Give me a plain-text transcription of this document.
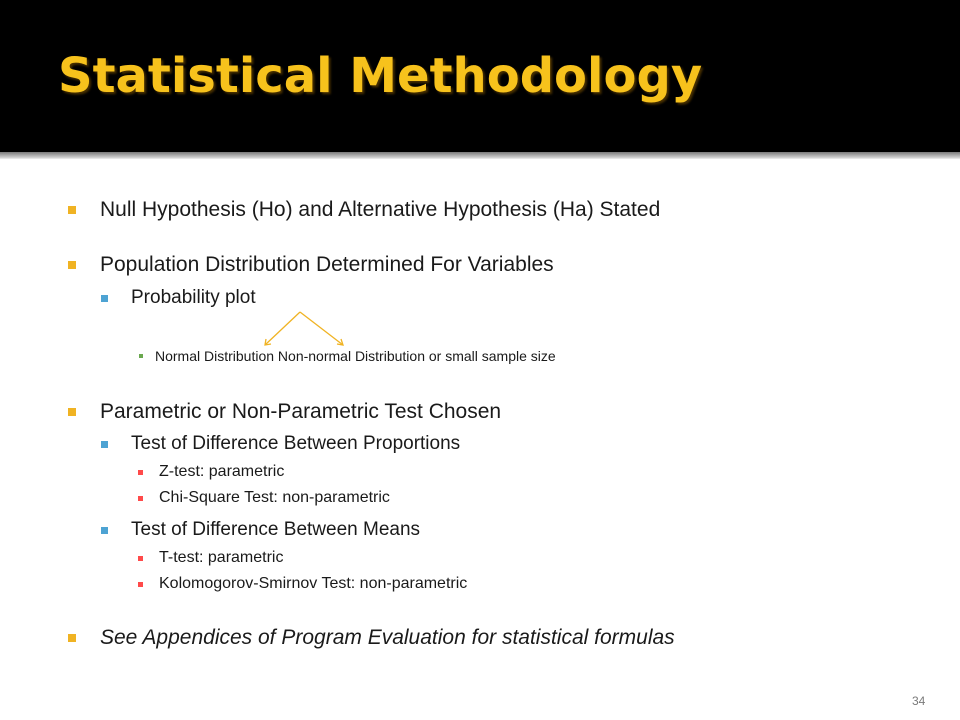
Statistical Methodology
Null Hypothesis (Ho) and Alternative Hypothesis (Ha) Stated
Population Distribution Determined For Variables
Probability plot
Normal Distribution Non-normal Distribution or small sample size
Parametric or Non-Parametric Test Chosen
Test of Difference Between Proportions
Z-test: parametric
Chi-Square Test: non-parametric
Test of Difference Between Means
T-test: parametric
Kolomogorov-Smirnov Test: non-parametric
See Appendices of Program Evaluation for statistical formulas
34
